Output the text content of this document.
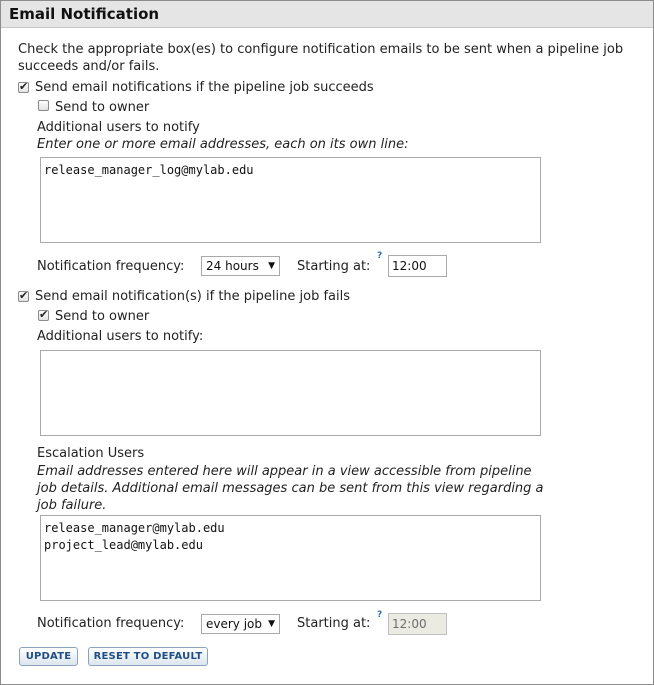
Email Notification
Check the appropriate box(es) to configure notification emails to be sent when a pipeline job succeeds and/or fails.
✔ Send email notifications if the pipeline job succeeds
Send to owner
Additional users to notify
Enter one or more email addresses, each on its own line:
release_manager_log@mylab.edu
Notification frequency:	24 hours ▼ Starting at:
?
12:00
✔ Send email notification(s) if the pipeline job fails
✔ Send to owner
Additional users to notify:
Escalation Users
Email addresses entered here will appear in a view accessible from pipeline job details. Additional email messages can be sent from this view regarding a job failure.
release_manager@mylab.edu
project_lead@mylab.edu
Notification frequency:	every job ▼ Starting at:
?
12:00
UPDATE	RESET TO DEFAULT
